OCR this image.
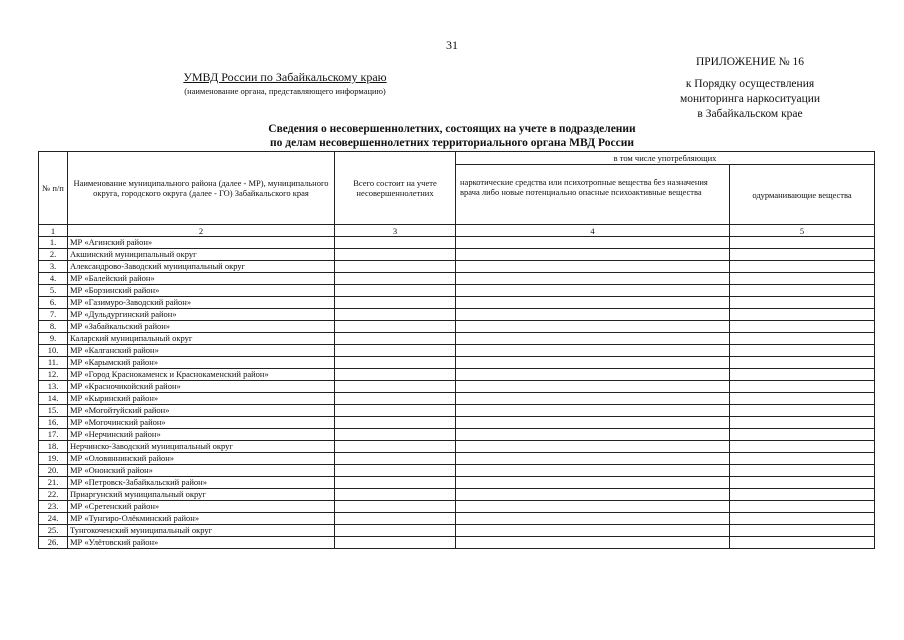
31
УМВД России по Забайкальскому краю
(наименование органа, представляющего информацию)
ПРИЛОЖЕНИЕ № 16
к Порядку осуществления
мониторинга наркоситуации
в Забайкальском крае
Сведения о несовершеннолетних, состоящих на учете в подразделении
по делам несовершеннолетних территориального органа МВД России
№ п/п	Наименование муниципального района (далее - МР), муниципального округа, городского округа (далее - ГО) Забайкальского края	Всего состоит на учете несовершеннолетних	в том числе употребляющих	
			наркотические средства или психотропные вещества без назначения врача либо новые потенциально опасные психоактивные вещества	одурманивающие вещества
1	2	3	4	5
1.	МР «Агинский район»			
2.	Акшинский муниципальный округ			
3.	Александрово-Заводский муниципальный округ			
4.	МР «Балейский район»			
5.	МР «Борзинский район»			
6.	МР «Газимуро-Заводский район»			
7.	МР «Дульдургинский район»			
8.	МР «Забайкальский район»			
9.	Каларский муниципальный округ			
10.	МР «Калганский район»			
11.	МР «Карымский район»			
12.	МР «Город Краснокаменск и Краснокаменский район»			
13.	МР «Красночикойский район»			
14.	МР «Кыринский район»			
15.	МР «Могойтуйский район»			
16.	МР «Могочинский район»			
17.	МР «Нерчинский район»			
18.	Нерчинско-Заводский муниципальный округ			
19.	МР «Оловяннинский район»			
20.	МР «Ононский район»			
21.	МР «Петровск-Забайкальский район»			
22.	Приаргунский муниципальный округ			
23.	МР «Сретенский район»			
24.	МР «Тунгиро-Олёкминский район»			
25.	Тунгокоченский муниципальный округ			
26.	МР «Улётовский район»			
